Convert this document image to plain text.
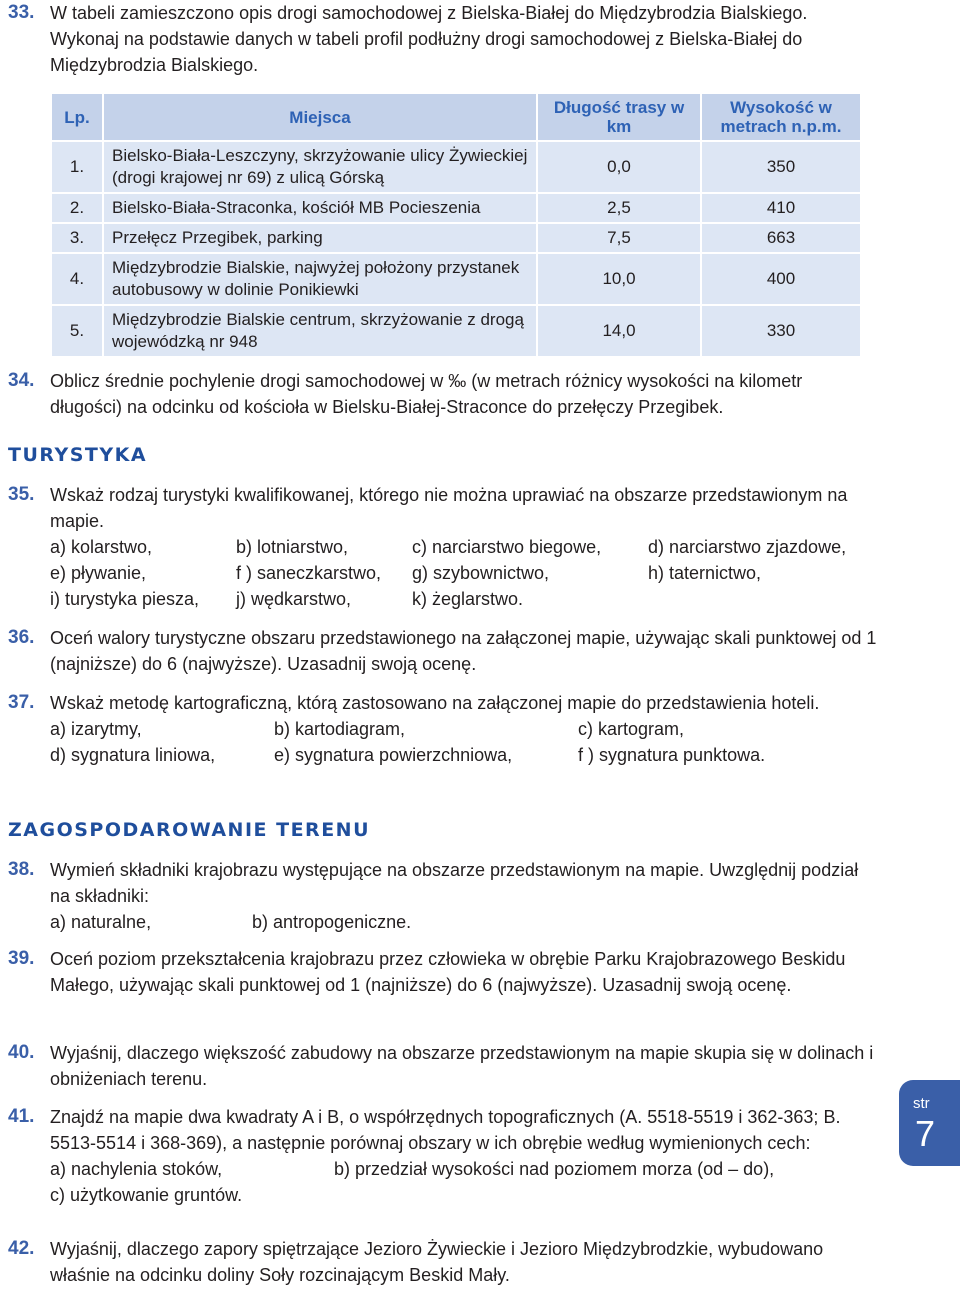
33. W tabeli zamieszczono opis drogi samochodowej z Bielska-Białej do Międzybrodzia Bialskiego. Wykonaj na podstawie danych w tabeli profil podłużny drogi samochodowej z Bielska-Białej do Międzybrodzia Bialskiego.
Lp.	Miejsca	Długość trasy w km	Wysokość w metrach n.p.m.
1.	Bielsko-Biała-Leszczyny, skrzyżowanie ulicy Żywieckiej (drogi krajowej nr 69) z ulicą Górską	0,0	350
2.	Bielsko-Biała-Straconka, kościół MB Pocieszenia	2,5	410
3.	Przełęcz Przegibek, parking	7,5	663
4.	Międzybrodzie Bialskie, najwyżej położony przystanek autobusowy w dolinie Ponikiewki	10,0	400
5.	Międzybrodzie Bialskie centrum, skrzyżowanie z drogą wojewódzką nr 948	14,0	330
34. Oblicz średnie pochylenie drogi samochodowej w ‰ (w metrach różnicy wysokości na kilometr długości) na odcinku od kościoła w Bielsku-Białej-Straconce do przełęczy Przegibek.
TURYSTYKA
35. Wskaż rodzaj turystyki kwalifikowanej, którego nie można uprawiać na obszarze przedstawionym na mapie.
a) kolarstwo,	b) lotniarstwo,	c) narciarstwo biegowe,	d) narciarstwo zjazdowe,
e) pływanie,	f ) saneczkarstwo,	g) szybownictwo,	h) taternictwo,
i) turystyka piesza,	j) wędkarstwo,	k) żeglarstwo.
36. Oceń walory turystyczne obszaru przedstawionego na załączonej mapie, używając skali punktowej od 1 (najniższe) do 6 (najwyższe). Uzasadnij swoją ocenę.
37. Wskaż metodę kartograficzną, którą zastosowano na załączonej mapie do przedstawienia hoteli.
a) izarytmy,	b) kartodiagram,	c) kartogram,
d) sygnatura liniowa,	e) sygnatura powierzchniowa,	f ) sygnatura punktowa.
ZAGOSPODAROWANIE TERENU
38. Wymień składniki krajobrazu występujące na obszarze przedstawionym na mapie. Uwzględnij podział na składniki:
a) naturalne,	b) antropogeniczne.
39. Oceń poziom przekształcenia krajobrazu przez człowieka w obrębie Parku Krajobrazowego Beskidu Małego, używając skali punktowej od 1 (najniższe) do 6 (najwyższe). Uzasadnij swoją ocenę.
40. Wyjaśnij, dlaczego większość zabudowy na obszarze przedstawionym na mapie skupia się w dolinach i obniżeniach terenu.
41. Znajdź na mapie dwa kwadraty A i B, o współrzędnych topograficznych (A. 5518-5519 i 362-363; B. 5513-5514 i 368-369), a następnie porównaj obszary w ich obrębie według wymienionych cech:
a) nachylenia stoków,	b) przedział wysokości nad poziomem morza (od – do),
c) użytkowanie gruntów.
42. Wyjaśnij, dlaczego zapory spiętrzające Jezioro Żywieckie i Jezioro Międzybrodzkie, wybudowano właśnie na odcinku doliny Soły rozcinającym Beskid Mały.
str
7
